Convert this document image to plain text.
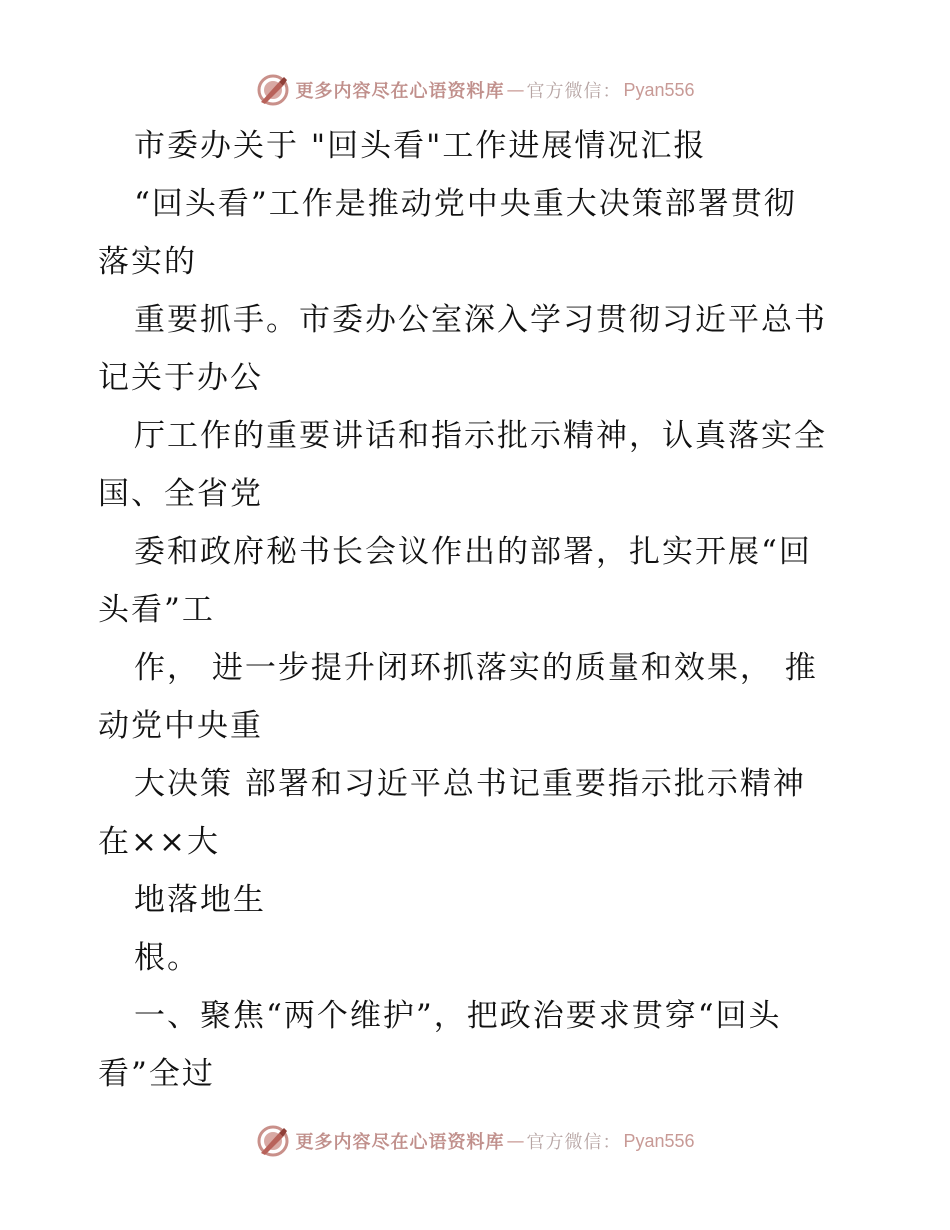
更多内容尽在心语资料库 — 官方微信： Pyan556
市委办关于 "回头看"工作进展情况汇报
“回头看”工作是推动党中央重大决策部署贯彻
落实的
重要抓手。市委办公室深入学习贯彻习近平总书
记关于办公
厅工作的重要讲话和指示批示精神，认真落实全
国、全省党
委和政府秘书长会议作出的部署，扎实开展“回
头看”工
作， 进一步提升闭环抓落实的质量和效果， 推
动党中央重
大决策 部署和习近平总书记重要指示批示精神
在××大
地落地生
根。
一、聚焦“两个维护”，把政治要求贯穿“回头
看”全过
更多内容尽在心语资料库 — 官方微信： Pyan556
